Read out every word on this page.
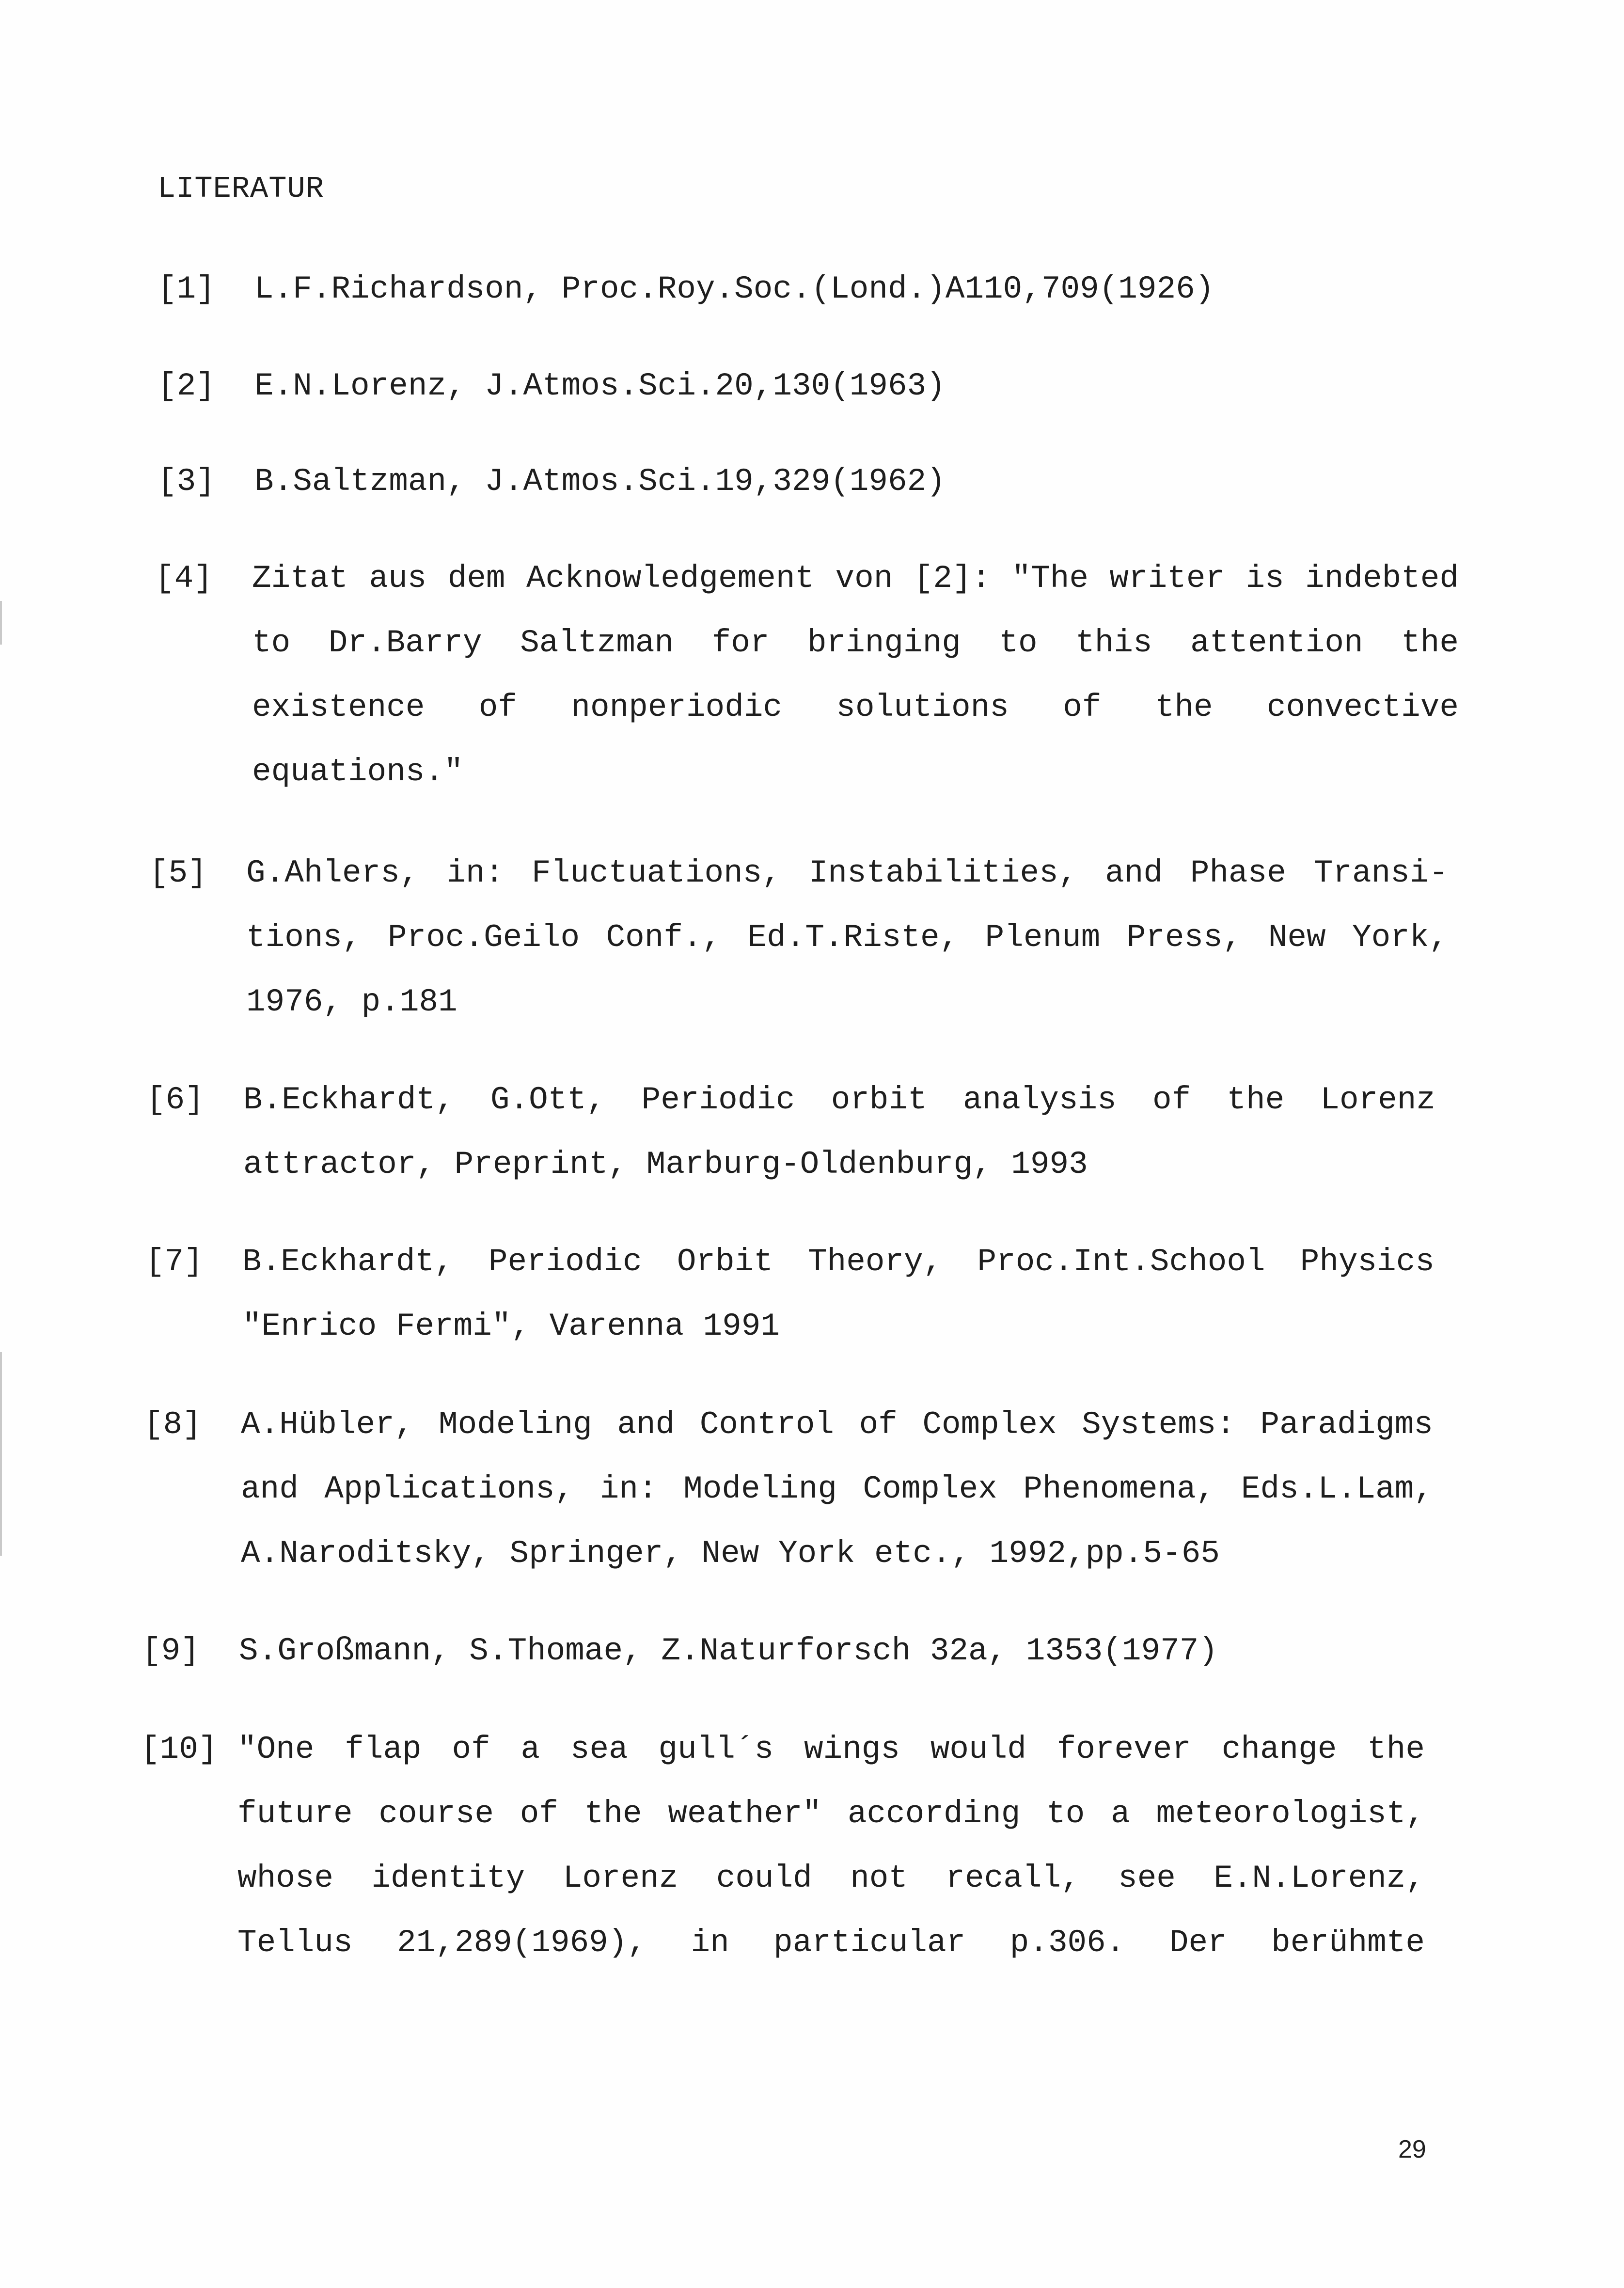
LITERATUR
[1] L.F.Richardson, Proc.Roy.Soc.(Lond.)A110,709(1926)
[2] E.N.Lorenz, J.Atmos.Sci.20,130(1963)
[3] B.Saltzman, J.Atmos.Sci.19,329(1962)
[4] Zitat aus dem Acknowledgement von [2]: "The writer is indebted to Dr.Barry Saltzman for bringing to this attention the existence of nonperiodic solutions of the convective equations."
[5] G.Ahlers, in: Fluctuations, Instabilities, and Phase Transi-tions, Proc.Geilo Conf., Ed.T.Riste, Plenum Press, New York, 1976, p.181
[6] B.Eckhardt, G.Ott, Periodic orbit analysis of the Lorenz attractor, Preprint, Marburg-Oldenburg, 1993
[7] B.Eckhardt, Periodic Orbit Theory, Proc.Int.School Physics "Enrico Fermi", Varenna 1991
[8] A.Hübler, Modeling and Control of Complex Systems: Paradigms and Applications, in: Modeling Complex Phenomena, Eds.L.Lam, A.Naroditsky, Springer, New York etc., 1992,pp.5-65
[9] S.Großmann, S.Thomae, Z.Naturforsch 32a, 1353(1977)
[10] "One flap of a sea gull´s wings would forever change the future course of the weather" according to a meteorologist, whose identity Lorenz could not recall, see E.N.Lorenz, Tellus 21,289(1969), in particular p.306. Der berühmte
29
